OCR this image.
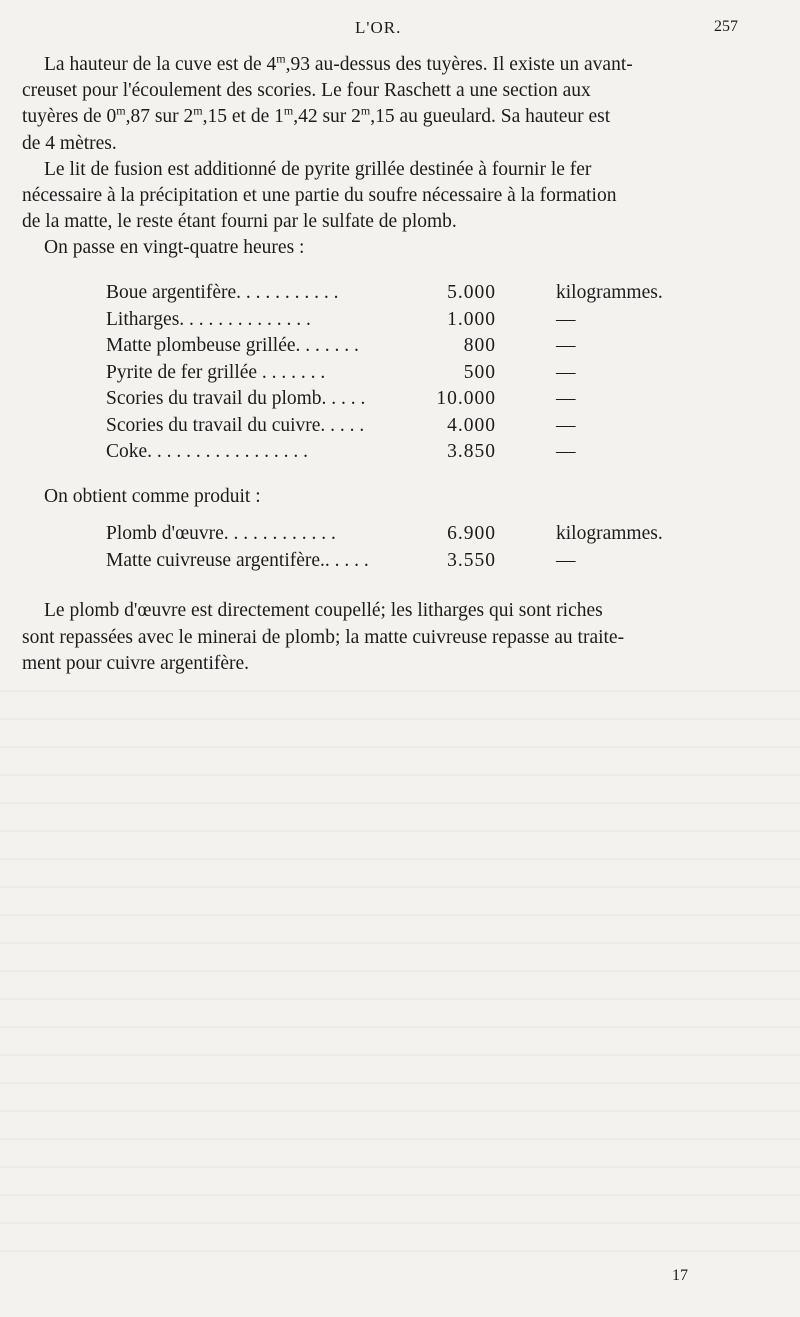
L'OR.	257

La hauteur de la cuve est de 4$^m$,93 au-dessus des tuyères. Il existe un avant-
creuset pour l'écoulement des scories. Le four Raschett a une section aux
tuyères de 0$^m$,87 sur 2$^m$,15 et de 1$^m$,42 sur 2$^m$,15 au gueulard. Sa hauteur est
de 4 mètres.

Le lit de fusion est additionné de pyrite grillée destinée à fournir le fer
nécessaire à la précipitation et une partie du soufre nécessaire à la formation
de la matte, le reste étant fourni par le sulfate de plomb.

On passe en vingt-quatre heures :

Boue argentifère. . . . . . . . . . .	5.000	kilogrammes.
Litharges. . . . . . . . . . . . . .	1.000	—
Matte plombeuse grillée. . . . . . .	800	—
Pyrite de fer grillée . . . . . . .	500	—
Scories du travail du plomb. . . . .	10.000	—
Scories du travail du cuivre. . . . .	4.000	—
Coke. . . . . . . . . . . . . . . . .	3.850	—
On obtient comme produit :
Plomb d'œuvre. . . . . . . . . . . .	6.900	kilogrammes.
Matte cuivreuse argentifère.. . . . .	3.550	—
Le plomb d'œuvre est directement coupellé; les litharges qui sont riches
sont repassées avec le minerai de plomb; la matte cuivreuse repasse au traite-
ment pour cuivre argentifère.
17
